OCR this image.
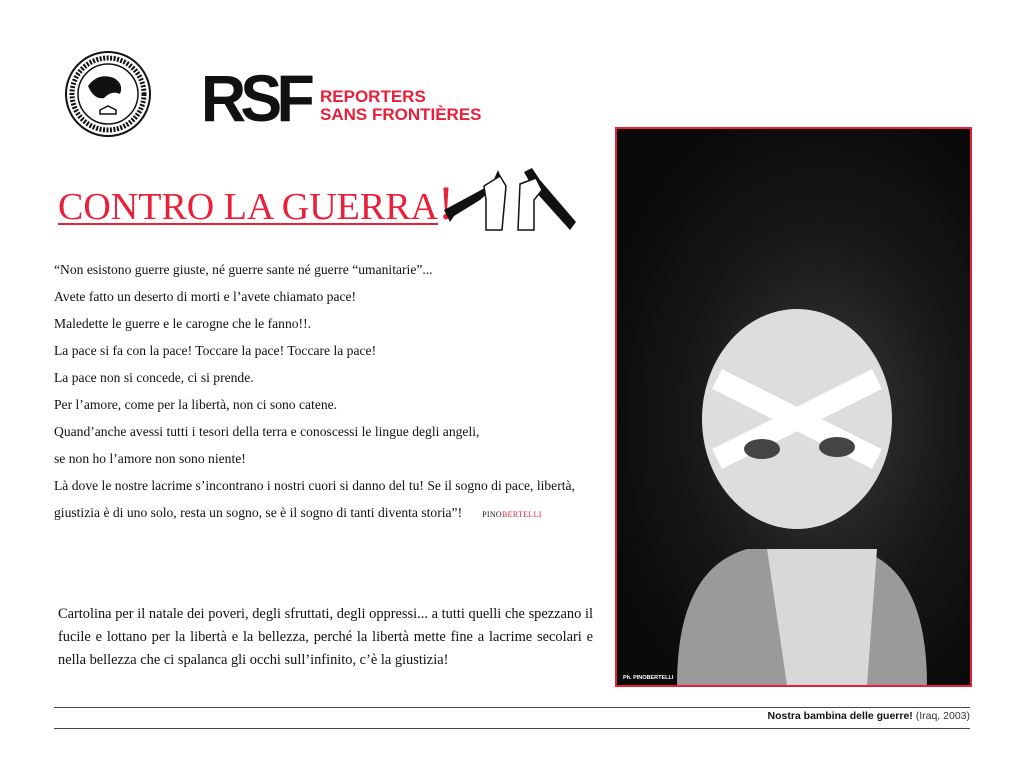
RSF REPORTERS
SANS FRONTIÈRES
CONTRO LA GUERRA!
“Non esistono guerre giuste, né guerre sante né guerre “umanitarie”...
Avete fatto un deserto di morti e l’avete chiamato pace!
Maledette le guerre e le carogne che le fanno!!.
La pace si fa con la pace! Toccare la pace! Toccare la pace!
La pace non si concede, ci si prende.
Per l’amore, come per la libertà, non ci sono catene.
Quand’anche avessi tutti i tesori della terra e conoscessi le lingue degli angeli,
se non ho l’amore non sono niente!
Là dove le nostre lacrime s’incontrano i nostri cuori si danno del tu! Se il sogno di pace, libertà,
giustizia è di uno solo, resta un sogno, se è il sogno di tanti diventa storia”!	PINOBERTELLI
Cartolina per il natale dei poveri, degli sfruttati, degli oppressi... a tutti quelli che spezzano il fucile e lottano per la libertà e la bellezza, perché la libertà mette fine a lacrime secolari e nella bellezza che ci spalanca gli occhi sull’infinito, c’è la giustizia!
Ph. PINOBERTELLI
Nostra bambina delle guerre! (Iraq, 2003)
